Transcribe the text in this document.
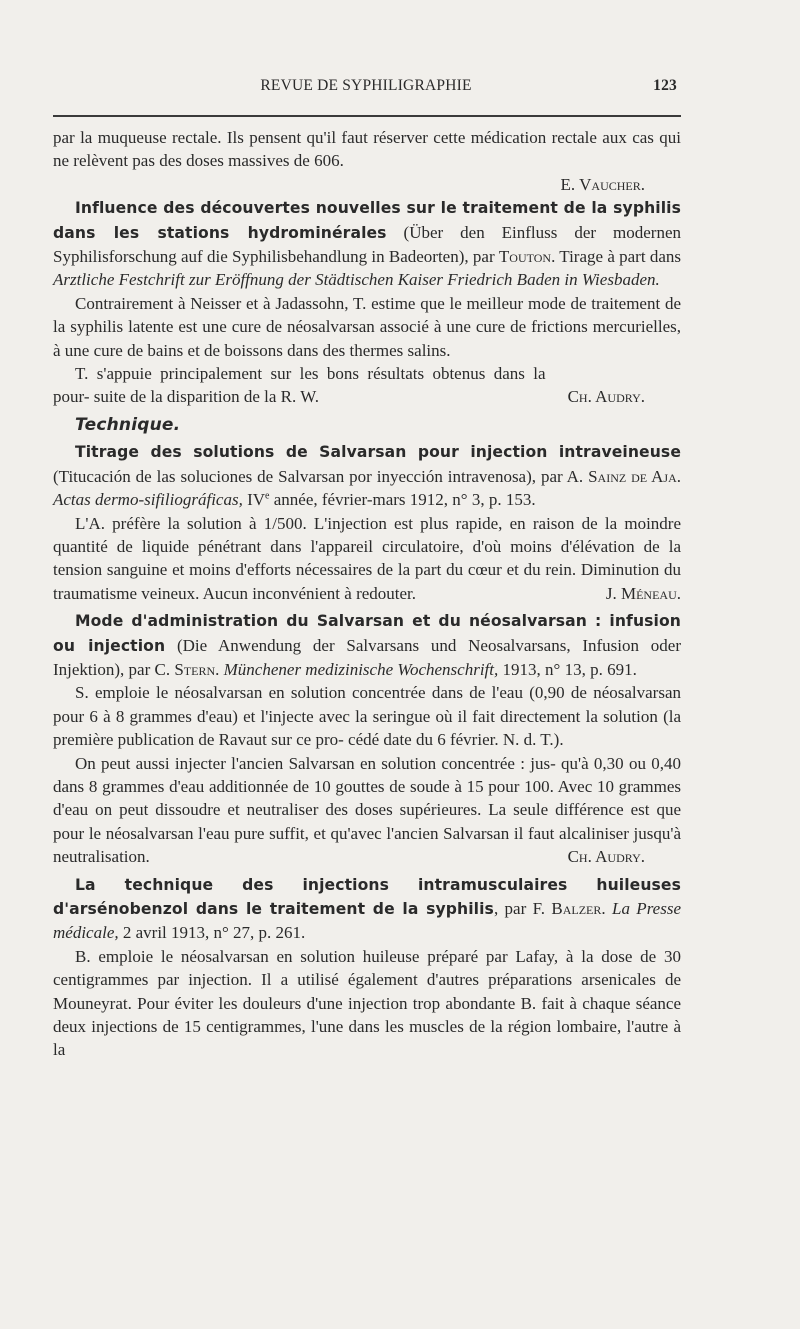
REVUE DE SYPHILIGRAPHIE	123

par la muqueuse rectale. Ils pensent qu'il faut réserver cette médication rectale aux cas qui ne relèvent pas des doses massives de 606.

E. Vaucher.

Influence des découvertes nouvelles sur le traitement de la syphilis dans les stations hydrominérales (Über den Einfluss der modernen Syphilisforschung auf die Syphilisbehandlung in Badeorten), par Touton. Tirage à part dans Arztliche Festchrift zur Eröffnung der Städtischen Kaiser Friedrich Baden in Wiesbaden.

Contrairement à Neisser et à Jadassohn, T. estime que le meilleur mode de traitement de la syphilis latente est une cure de néosalvarsan associé à une cure de frictions mercurielles, à une cure de bains et de boissons dans des thermes salins.

T. s'appuie principalement sur les bons résultats obtenus dans la pour- suite de la disparition de la R. W.	Ch. Audry.

Technique.

Titrage des solutions de Salvarsan pour injection intraveineuse (Titucación de las soluciones de Salvarsan por inyección intravenosa), par A. Sainz de Aja. Actas dermo-sifiliográficas, IVe année, février-mars 1912, n° 3, p. 153.

L'A. préfère la solution à 1/500. L'injection est plus rapide, en raison de la moindre quantité de liquide pénétrant dans l'appareil circulatoire, d'où moins d'élévation de la tension sanguine et moins d'efforts nécessaires de la part du cœur et du rein. Diminution du traumatisme veineux. Aucun inconvénient à redouter.	J. Méneau.

Mode d'administration du Salvarsan et du néosalvarsan : infusion ou injection (Die Anwendung der Salvarsans und Neosalvarsans, Infusion oder Injektion), par C. Stern. Münchener medizinische Wochenschrift, 1913, n° 13, p. 691.

S. emploie le néosalvarsan en solution concentrée dans de l'eau (0,90 de néosalvarsan pour 6 à 8 grammes d'eau) et l'injecte avec la seringue où il fait directement la solution (la première publication de Ravaut sur ce pro- cédé date du 6 février. N. d. T.).

On peut aussi injecter l'ancien Salvarsan en solution concentrée : jus- qu'à 0,30 ou 0,40 dans 8 grammes d'eau additionnée de 10 gouttes de soude à 15 pour 100. Avec 10 grammes d'eau on peut dissoudre et neutraliser des doses supérieures. La seule différence est que pour le néosalvarsan l'eau pure suffit, et qu'avec l'ancien Salvarsan il faut alcaliniser jusqu'à neutralisation.	Ch. Audry.

La technique des injections intramusculaires huileuses d'arsénobenzol dans le traitement de la syphilis, par F. Balzer. La Presse médicale, 2 avril 1913, n° 27, p. 261.

B. emploie le néosalvarsan en solution huileuse préparé par Lafay, à la dose de 30 centigrammes par injection. Il a utilisé également d'autres préparations arsenicales de Mouneyrat. Pour éviter les douleurs d'une injection trop abondante B. fait à chaque séance deux injections de 15 centigrammes, l'une dans les muscles de la région lombaire, l'autre à la
